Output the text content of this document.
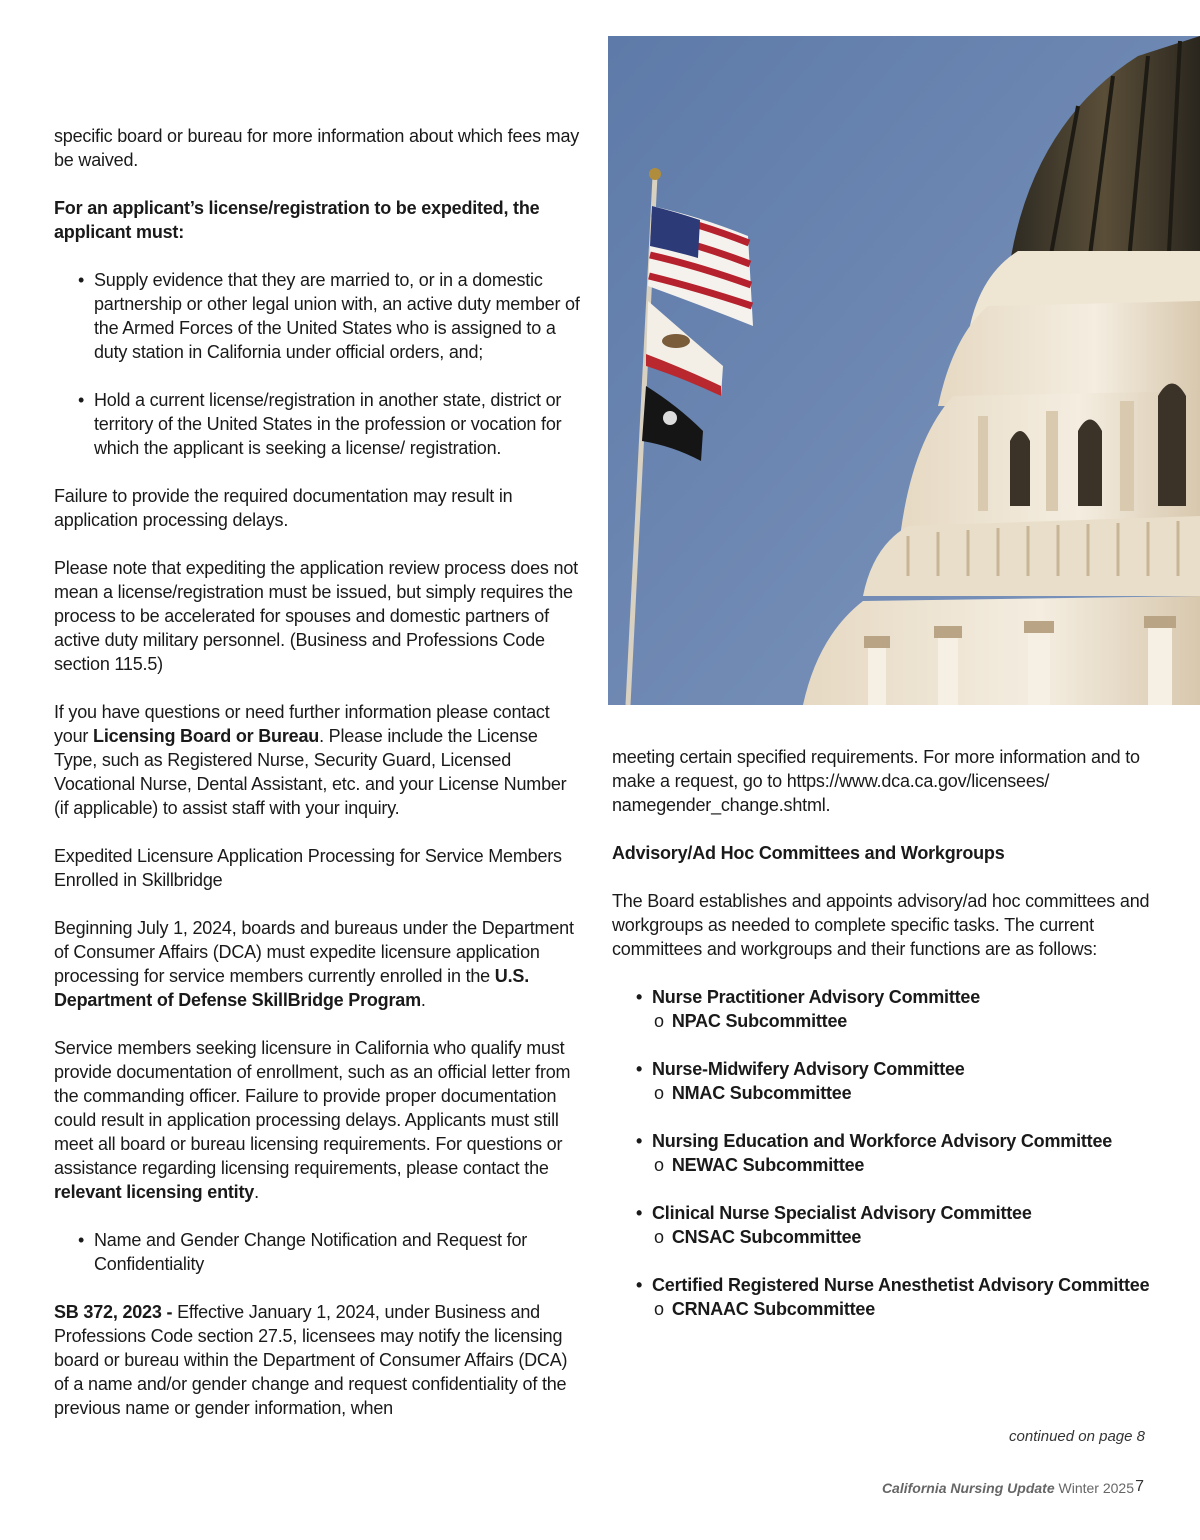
specific board or bureau for more information about which fees may be waived.

For an applicant’s license/registration to be expedited, the applicant must:

• Supply evidence that they are married to, or in a domestic partnership or other legal union with, an active duty member of the Armed Forces of the United States who is assigned to a duty station in California under official orders, and;
• Hold a current license/registration in another state, district or territory of the United States in the profession or vocation for which the applicant is seeking a license/ registration.

Failure to provide the required documentation may result in application processing delays.

Please note that expediting the application review process does not mean a license/registration must be issued, but simply requires the process to be accelerated for spouses and domestic partners of active duty military personnel. (Business and Professions Code section 115.5)

If you have questions or need further information please contact your Licensing Board or Bureau. Please include the License Type, such as Registered Nurse, Security Guard, Licensed Vocational Nurse, Dental Assistant, etc. and your License Number (if applicable) to assist staff with your inquiry.

Expedited Licensure Application Processing for Service Members Enrolled in Skillbridge

Beginning July 1, 2024, boards and bureaus under the Department of Consumer Affairs (DCA) must expedite licensure application processing for service members currently enrolled in the U.S. Department of Defense SkillBridge Program.

Service members seeking licensure in California who qualify must provide documentation of enrollment, such as an official letter from the commanding officer. Failure to provide proper documentation could result in application processing delays. Applicants must still meet all board or bureau licensing requirements. For questions or assistance regarding licensing requirements, please contact the relevant licensing entity.

• Name and Gender Change Notification and Request for Confidentiality

SB 372, 2023 - Effective January 1, 2024, under Business and Professions Code section 27.5, licensees may notify the licensing board or bureau within the Department of Consumer Affairs (DCA) of a name and/or gender change and request confidentiality of the previous name or gender information, when

meeting certain specified requirements. For more information and to make a request, go to https://www.dca.ca.gov/licensees/ namegender_change.shtml.

Advisory/Ad Hoc Committees and Workgroups

The Board establishes and appoints advisory/ad hoc committees and workgroups as needed to complete specific tasks. The current committees and workgroups and their functions are as follows:

• Nurse Practitioner Advisory Committee
o NPAC Subcommittee
• Nurse-Midwifery Advisory Committee
o NMAC Subcommittee
• Nursing Education and Workforce Advisory Committee
o NEWAC Subcommittee
• Clinical Nurse Specialist Advisory Committee
o CNSAC Subcommittee
• Certified Registered Nurse Anesthetist Advisory Committee
o CRNAAC Subcommittee
continued on page 8
California Nursing Update Winter 2025 7
